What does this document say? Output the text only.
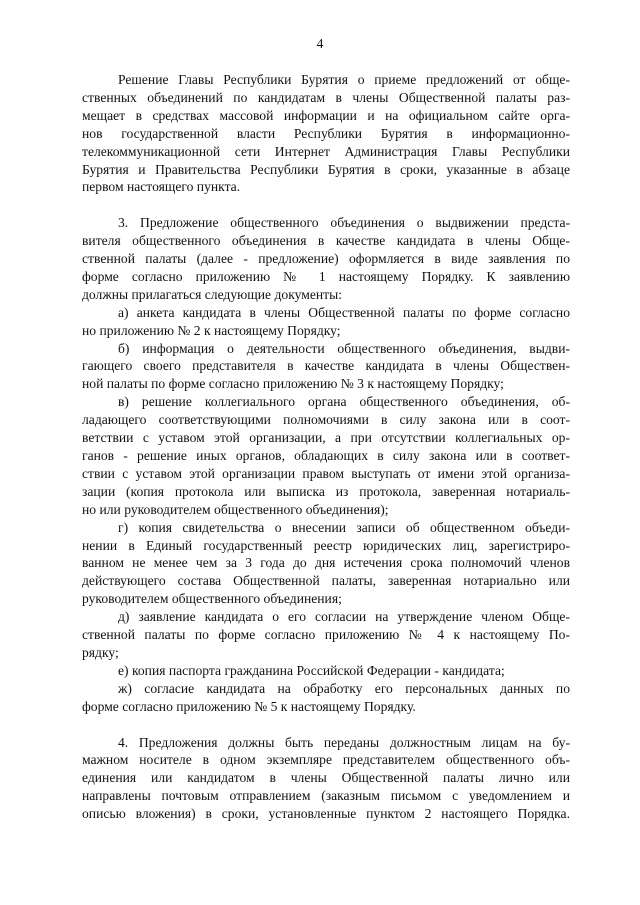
4
Решение Главы Республики Бурятия о приеме предложений от обще-
ственных объединений по кандидатам в члены Общественной палаты раз-
мещает в средствах массовой информации и на официальном сайте орга-
нов государственной власти Республики Бурятия в информационно-
телекоммуникационной сети Интернет Администрация Главы Республики
Бурятия и Правительства Республики Бурятия в сроки, указанные в абзаце
первом настоящего пункта.
3. Предложение общественного объединения о выдвижении предста-
вителя общественного объединения в качестве кандидата в члены Обще-
ственной палаты (далее - предложение) оформляется в виде заявления по
форме согласно приложению № 1 настоящему Порядку. К заявлению
должны прилагаться следующие документы:
а) анкета кандидата в члены Общественной палаты по форме согласно
но приложению № 2 к настоящему Порядку;
б) информация о деятельности общественного объединения, выдви-
гающего своего представителя в качестве кандидата в члены Обществен-
ной палаты по форме согласно приложению № 3 к настоящему Порядку;
в) решение коллегиального органа общественного объединения, об-
ладающего соответствующими полномочиями в силу закона или в соот-
ветствии с уставом этой организации, а при отсутствии коллегиальных ор-
ганов - решение иных органов, обладающих в силу закона или в соответ-
ствии с уставом этой организации правом выступать от имени этой организа-
зации (копия протокола или выписка из протокола, заверенная нотариаль-
но или руководителем общественного объединения);
г) копия свидетельства о внесении записи об общественном объеди-
нении в Единый государственный реестр юридических лиц, зарегистриро-
ванном не менее чем за 3 года до дня истечения срока полномочий членов
действующего состава Общественной палаты, заверенная нотариально или
руководителем общественного объединения;
д) заявление кандидата о его согласии на утверждение членом Обще-
ственной палаты по форме согласно приложению № 4 к настоящему По-
рядку;
е) копия паспорта гражданина Российской Федерации - кандидата;
ж) согласие кандидата на обработку его персональных данных по
форме согласно приложению № 5 к настоящему Порядку.
4. Предложения должны быть переданы должностным лицам на бу-
мажном носителе в одном экземпляре представителем общественного объ-
единения или кандидатом в члены Общественной палаты лично или
направлены почтовым отправлением (заказным письмом с уведомлением и
описью вложения) в сроки, установленные пунктом 2 настоящего Порядка.
